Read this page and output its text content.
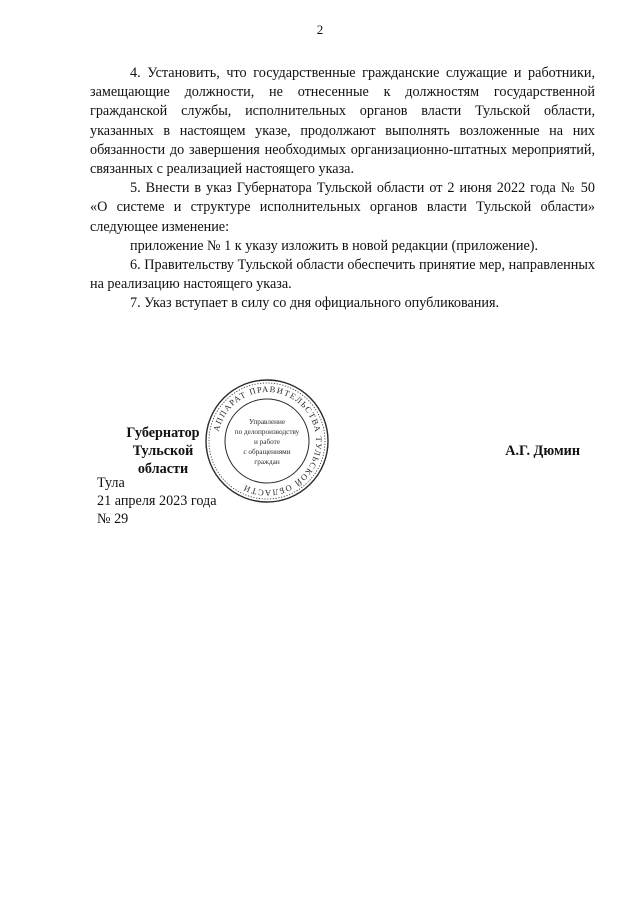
2

4. Установить, что государственные гражданские служащие и работники, замещающие должности, не отнесенные к должностям государственной гражданской службы, исполнительных органов власти Тульской области, указанных в настоящем указе, продолжают выполнять возложенные на них обязанности до завершения необходимых организационно-штатных мероприятий, связанных с реализацией настоящего указа.

5. Внести в указ Губернатора Тульской области от 2 июня 2022 года № 50 «О системе и структуре исполнительных органов власти Тульской области» следующее изменение:

приложение № 1 к указу изложить в новой редакции (приложение).

6. Правительству Тульской области обеспечить принятие мер, направленных на реализацию настоящего указа.

7. Указ вступает в силу со дня официального опубликования.

Губернатор
Тульской области
А.Г. Дюмин
АППАРАТ ПРАВИТЕЛЬСТВА ТУЛЬСКОЙ ОБЛАСТИ
Управление
по делопроизводству
и работе
с обращениями
граждан
Тула
21 апреля 2023 года
№ 29
